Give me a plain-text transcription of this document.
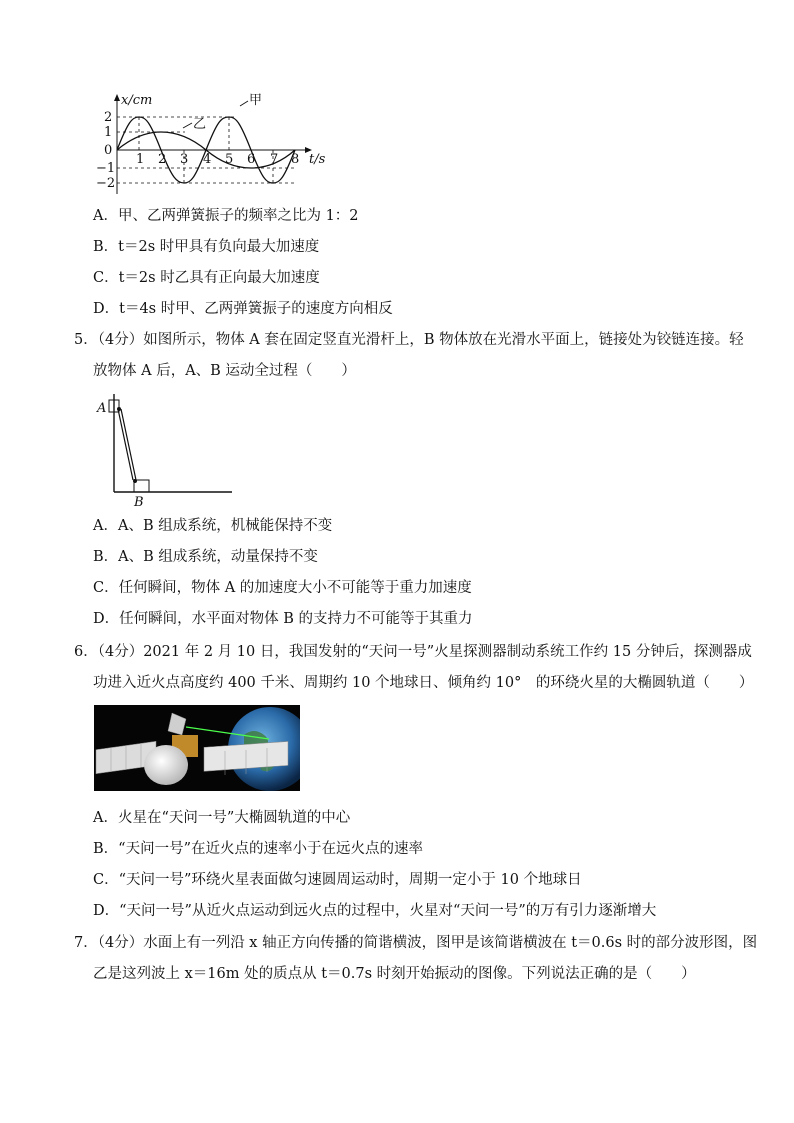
x/cm
t/s
2
1
0
−1
−2
1 2 3 4 5 6 7 8
乙
甲
A．甲、乙两弹簧振子的频率之比为 1：2
B．t＝2s 时甲具有负向最大加速度
C．t＝2s 时乙具有正向最大加速度
D．t＝4s 时甲、乙两弹簧振子的速度方向相反
5．（4分）如图所示，物体 A 套在固定竖直光滑杆上，B 物体放在光滑水平面上，链接处为铰链连接。轻
放物体 A 后，A、B 运动全过程（　　）
A
B
A．A、B 组成系统，机械能保持不变
B．A、B 组成系统，动量保持不变
C．任何瞬间，物体 A 的加速度大小不可能等于重力加速度
D．任何瞬间，水平面对物体 B 的支持力不可能等于其重力
6．（4分）2021 年 2 月 10 日，我国发射的“天问一号”火星探测器制动系统工作约 15 分钟后，探测器成
功进入近火点高度约 400 千米、周期约 10 个地球日、倾角约 10°　的环绕火星的大椭圆轨道（　　）
A．火星在“天问一号”大椭圆轨道的中心
B．“天问一号”在近火点的速率小于在远火点的速率
C．“天问一号”环绕火星表面做匀速圆周运动时，周期一定小于 10 个地球日
D．“天问一号”从近火点运动到远火点的过程中，火星对“天问一号”的万有引力逐渐增大
7．（4分）水面上有一列沿 x 轴正方向传播的简谐横波，图甲是该简谐横波在 t＝0.6s 时的部分波形图，图
乙是这列波上 x＝16m 处的质点从 t＝0.7s 时刻开始振动的图像。下列说法正确的是（　　）
